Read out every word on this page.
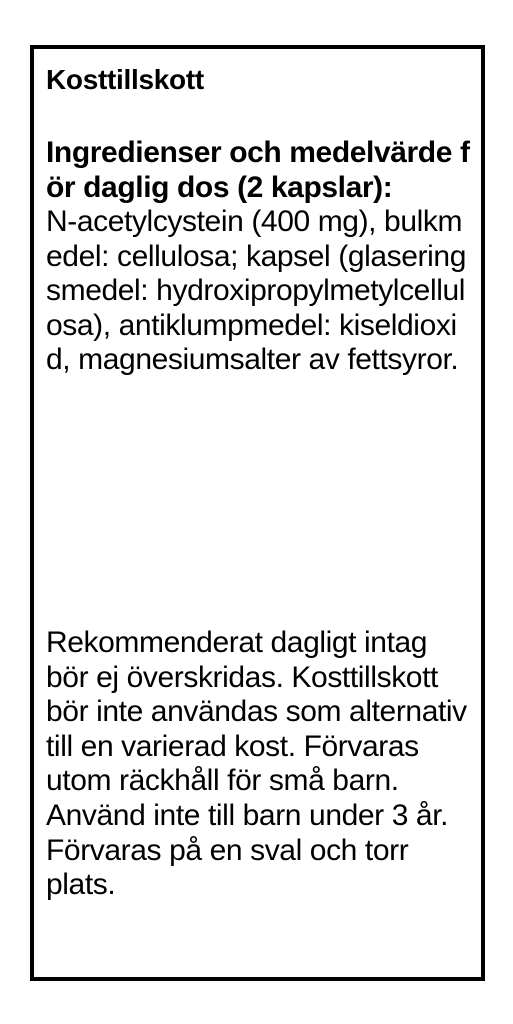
Kosttillskott

Ingredienser och medelvärde för daglig dos (2 kapslar):
N-acetylcystein (400 mg), bulkmedel: cellulosa; kapsel (glaseringsmedel: hydroxipropylmetylcellulosa), antiklumpmedel: kiseldioxid, magnesiumsalter av fettsyror.
Rekommenderat dagligt intag bör ej överskridas. Kosttillskott bör inte användas som alternativ till en varierad kost. Förvaras utom räckhåll för små barn. Använd inte till barn under 3 år. Förvaras på en sval och torr plats.
